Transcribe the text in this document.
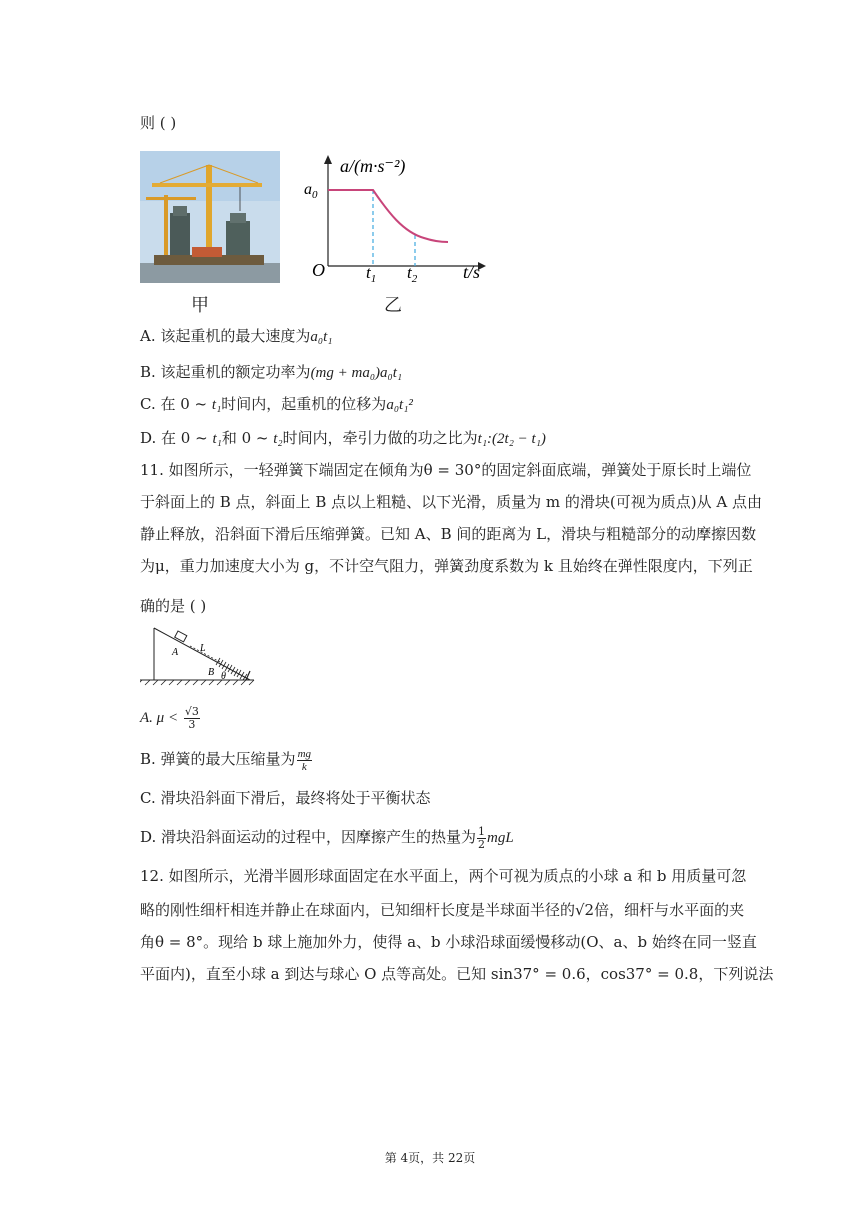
则 ( )
甲
a/(m·s⁻²)
$a_0$
O $t_1$ $t_2$	t/s
乙
A. 该起重机的最大速度为a₀t₁
B. 该起重机的额定功率为(mg + ma₀)a₀t₁
C. 在 0 ~ t₁时间内，起重机的位移为a₀t₁²
D. 在 0 ~ t₁和 0 ~ t₂时间内，牵引力做的功之比为t₁:(2t₂ − t₁)
11. 如图所示，一轻弹簧下端固定在倾角为θ = 30°的固定斜面底端，弹簧处于原长时上端位
于斜面上的 B 点，斜面上 B 点以上粗糙、以下光滑，质量为 m 的滑块(可视为质点)从 A 点由
静止释放，沿斜面下滑后压缩弹簧。已知 A、B 间的距离为 L，滑块与粗糙部分的动摩擦因数
为μ，重力加速度大小为 g，不计空气阻力，弹簧劲度系数为 k 且始终在弹性限度内，下列正
确的是 ( )
A L
B θ
A. $\mu < \frac{√3}{3}$
B. 弹簧的最大压缩量为 $\frac{mg}{k}$
C. 滑块沿斜面下滑后，最终将处于平衡状态
D. 滑块沿斜面运动的过程中，因摩擦产生的热量为 $\frac{1}{2}$ mgL
12. 如图所示，光滑半圆形球面固定在水平面上，两个可视为质点的小球 a 和 b 用质量可忽
略的刚性细杆相连并静止在球面内，已知细杆长度是半球面半径的√2倍，细杆与水平面的夹
角θ = 8°。现给 b 球上施加外力，使得 a、b 小球沿球面缓慢移动(O、a、b 始终在同一竖直
平面内)，直至小球 a 到达与球心 O 点等高处。已知 sin37° = 0.6，cos37° = 0.8，下列说法
第 4页，共 22页
